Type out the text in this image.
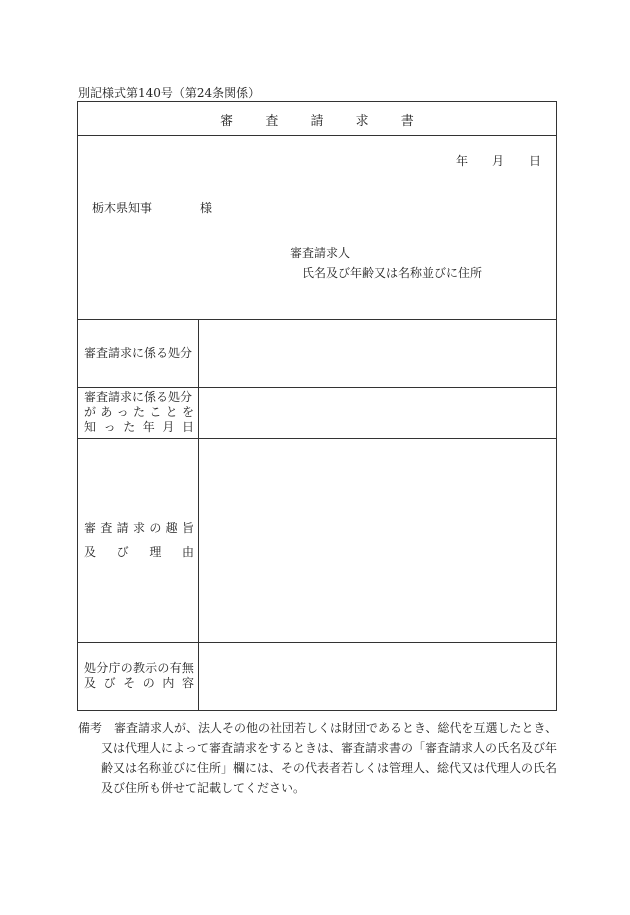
別記様式第140号（第24条関係）
審 査 請 求 書
年 月 日
栃木県知事	様
審査請求人
氏名及び年齢又は名称並びに住所
審査請求に係る処分
審査請求に係る処分
が あ っ た こ と を
知 っ た 年 月 日
審 査 請 求 の 趣 旨
及 び 理 由
処 分 庁 の 教 示 の 有 無
及 び そ の 内 容
備考　 審査請求人が、法人その他の社団若しくは財団であるとき、総代を互選したとき、
又は代理人によって審査請求をするときは、審査請求書の「審査請求人の氏名及び年
齢又は名称並びに住所」欄には、その代表者若しくは管理人、総代又は代理人の氏名
及び住所も併せて記載してください。
